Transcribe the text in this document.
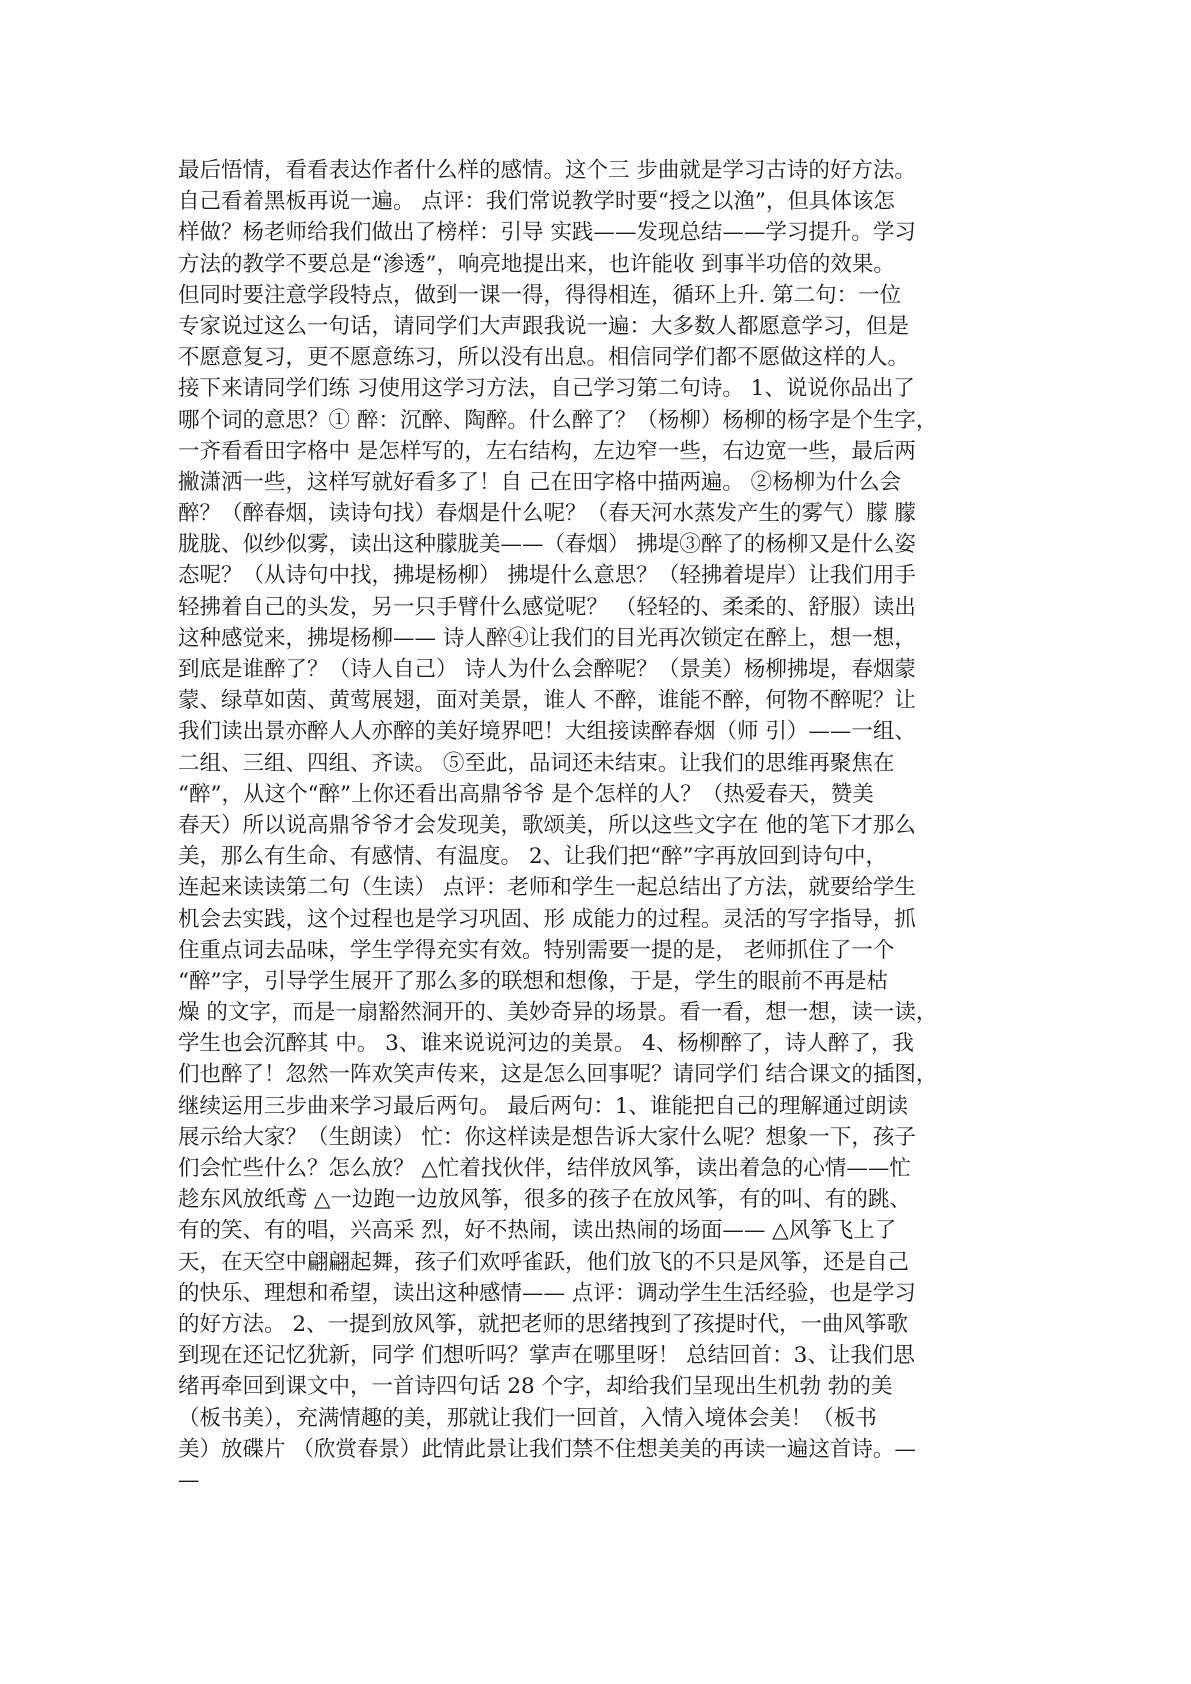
最后悟情，看看表达作者什么样的感情。这个三 步曲就是学习古诗的好方法。
自己看着黑板再说一遍。 点评：我们常说教学时要“授之以渔”，但具体该怎
样做？杨老师给我们做出了榜样：引导 实践——发现总结——学习提升。学习
方法的教学不要总是“渗透”，响亮地提出来，也许能收 到事半功倍的效果。
但同时要注意学段特点，做到一课一得，得得相连，循环上升. 第二句：一位
专家说过这么一句话，请同学们大声跟我说一遍：大多数人都愿意学习，但是
不愿意复习，更不愿意练习，所以没有出息。相信同学们都不愿做这样的人。
接下来请同学们练 习使用这学习方法，自己学习第二句诗。 1、说说你品出了
哪个词的意思？① 醉：沉醉、陶醉。什么醉了？（杨柳）杨柳的杨字是个生字，
一齐看看田字格中 是怎样写的，左右结构，左边窄一些，右边宽一些，最后两
撇潇洒一些，这样写就好看多了！自 己在田字格中描两遍。 ②杨柳为什么会
醉？（醉春烟，读诗句找）春烟是什么呢？（春天河水蒸发产生的雾气）朦 朦
胧胧、似纱似雾，读出这种朦胧美——（春烟） 拂堤③醉了的杨柳又是什么姿
态呢？（从诗句中找，拂堤杨柳） 拂堤什么意思？（轻拂着堤岸）让我们用手
轻拂着自己的头发，另一只手臂什么感觉呢？ （轻轻的、柔柔的、舒服）读出
这种感觉来，拂堤杨柳—— 诗人醉④让我们的目光再次锁定在醉上，想一想，
到底是谁醉了？（诗人自己） 诗人为什么会醉呢？（景美）杨柳拂堤，春烟蒙
蒙、绿草如茵、黄莺展翅，面对美景，谁人 不醉，谁能不醉，何物不醉呢？让
我们读出景亦醉人人亦醉的美好境界吧！大组接读醉春烟（师 引）——一组、
二组、三组、四组、齐读。 ⑤至此，品词还未结束。让我们的思维再聚焦在
“醉”，从这个“醉”上你还看出高鼎爷爷 是个怎样的人？（热爱春天，赞美
春天）所以说高鼎爷爷才会发现美，歌颂美，所以这些文字在 他的笔下才那么
美，那么有生命、有感情、有温度。 2、让我们把“醉”字再放回到诗句中，
连起来读读第二句（生读） 点评：老师和学生一起总结出了方法，就要给学生
机会去实践，这个过程也是学习巩固、形 成能力的过程。灵活的写字指导，抓
住重点词去品味，学生学得充实有效。特别需要一提的是， 老师抓住了一个
“醉”字，引导学生展开了那么多的联想和想像，于是，学生的眼前不再是枯
燥 的文字，而是一扇豁然洞开的、美妙奇异的场景。看一看，想一想，读一读，
学生也会沉醉其 中。 3、谁来说说河边的美景。 4、杨柳醉了，诗人醉了，我
们也醉了！忽然一阵欢笑声传来，这是怎么回事呢？请同学们 结合课文的插图，
继续运用三步曲来学习最后两句。 最后两句：1、谁能把自己的理解通过朗读
展示给大家？（生朗读） 忙：你这样读是想告诉大家什么呢？想象一下，孩子
们会忙些什么？怎么放？ △忙着找伙伴，结伴放风筝，读出着急的心情——忙
趁东风放纸鸢 △一边跑一边放风筝，很多的孩子在放风筝，有的叫、有的跳、
有的笑、有的唱，兴高采 烈，好不热闹，读出热闹的场面—— △风筝飞上了
天，在天空中翩翩起舞，孩子们欢呼雀跃，他们放飞的不只是风筝，还是自己
的快乐、理想和希望，读出这种感情—— 点评：调动学生生活经验，也是学习
的好方法。 2、一提到放风筝，就把老师的思绪拽到了孩提时代，一曲风筝歌
到现在还记忆犹新，同学 们想听吗？掌声在哪里呀！ 总结回首：3、让我们思
绪再牵回到课文中，一首诗四句话 28 个字，却给我们呈现出生机勃 勃的美
（板书美），充满情趣的美，那就让我们一回首，入情入境体会美！（板书
美）放碟片 （欣赏春景）此情此景让我们禁不住想美美的再读一遍这首诗。—
—
